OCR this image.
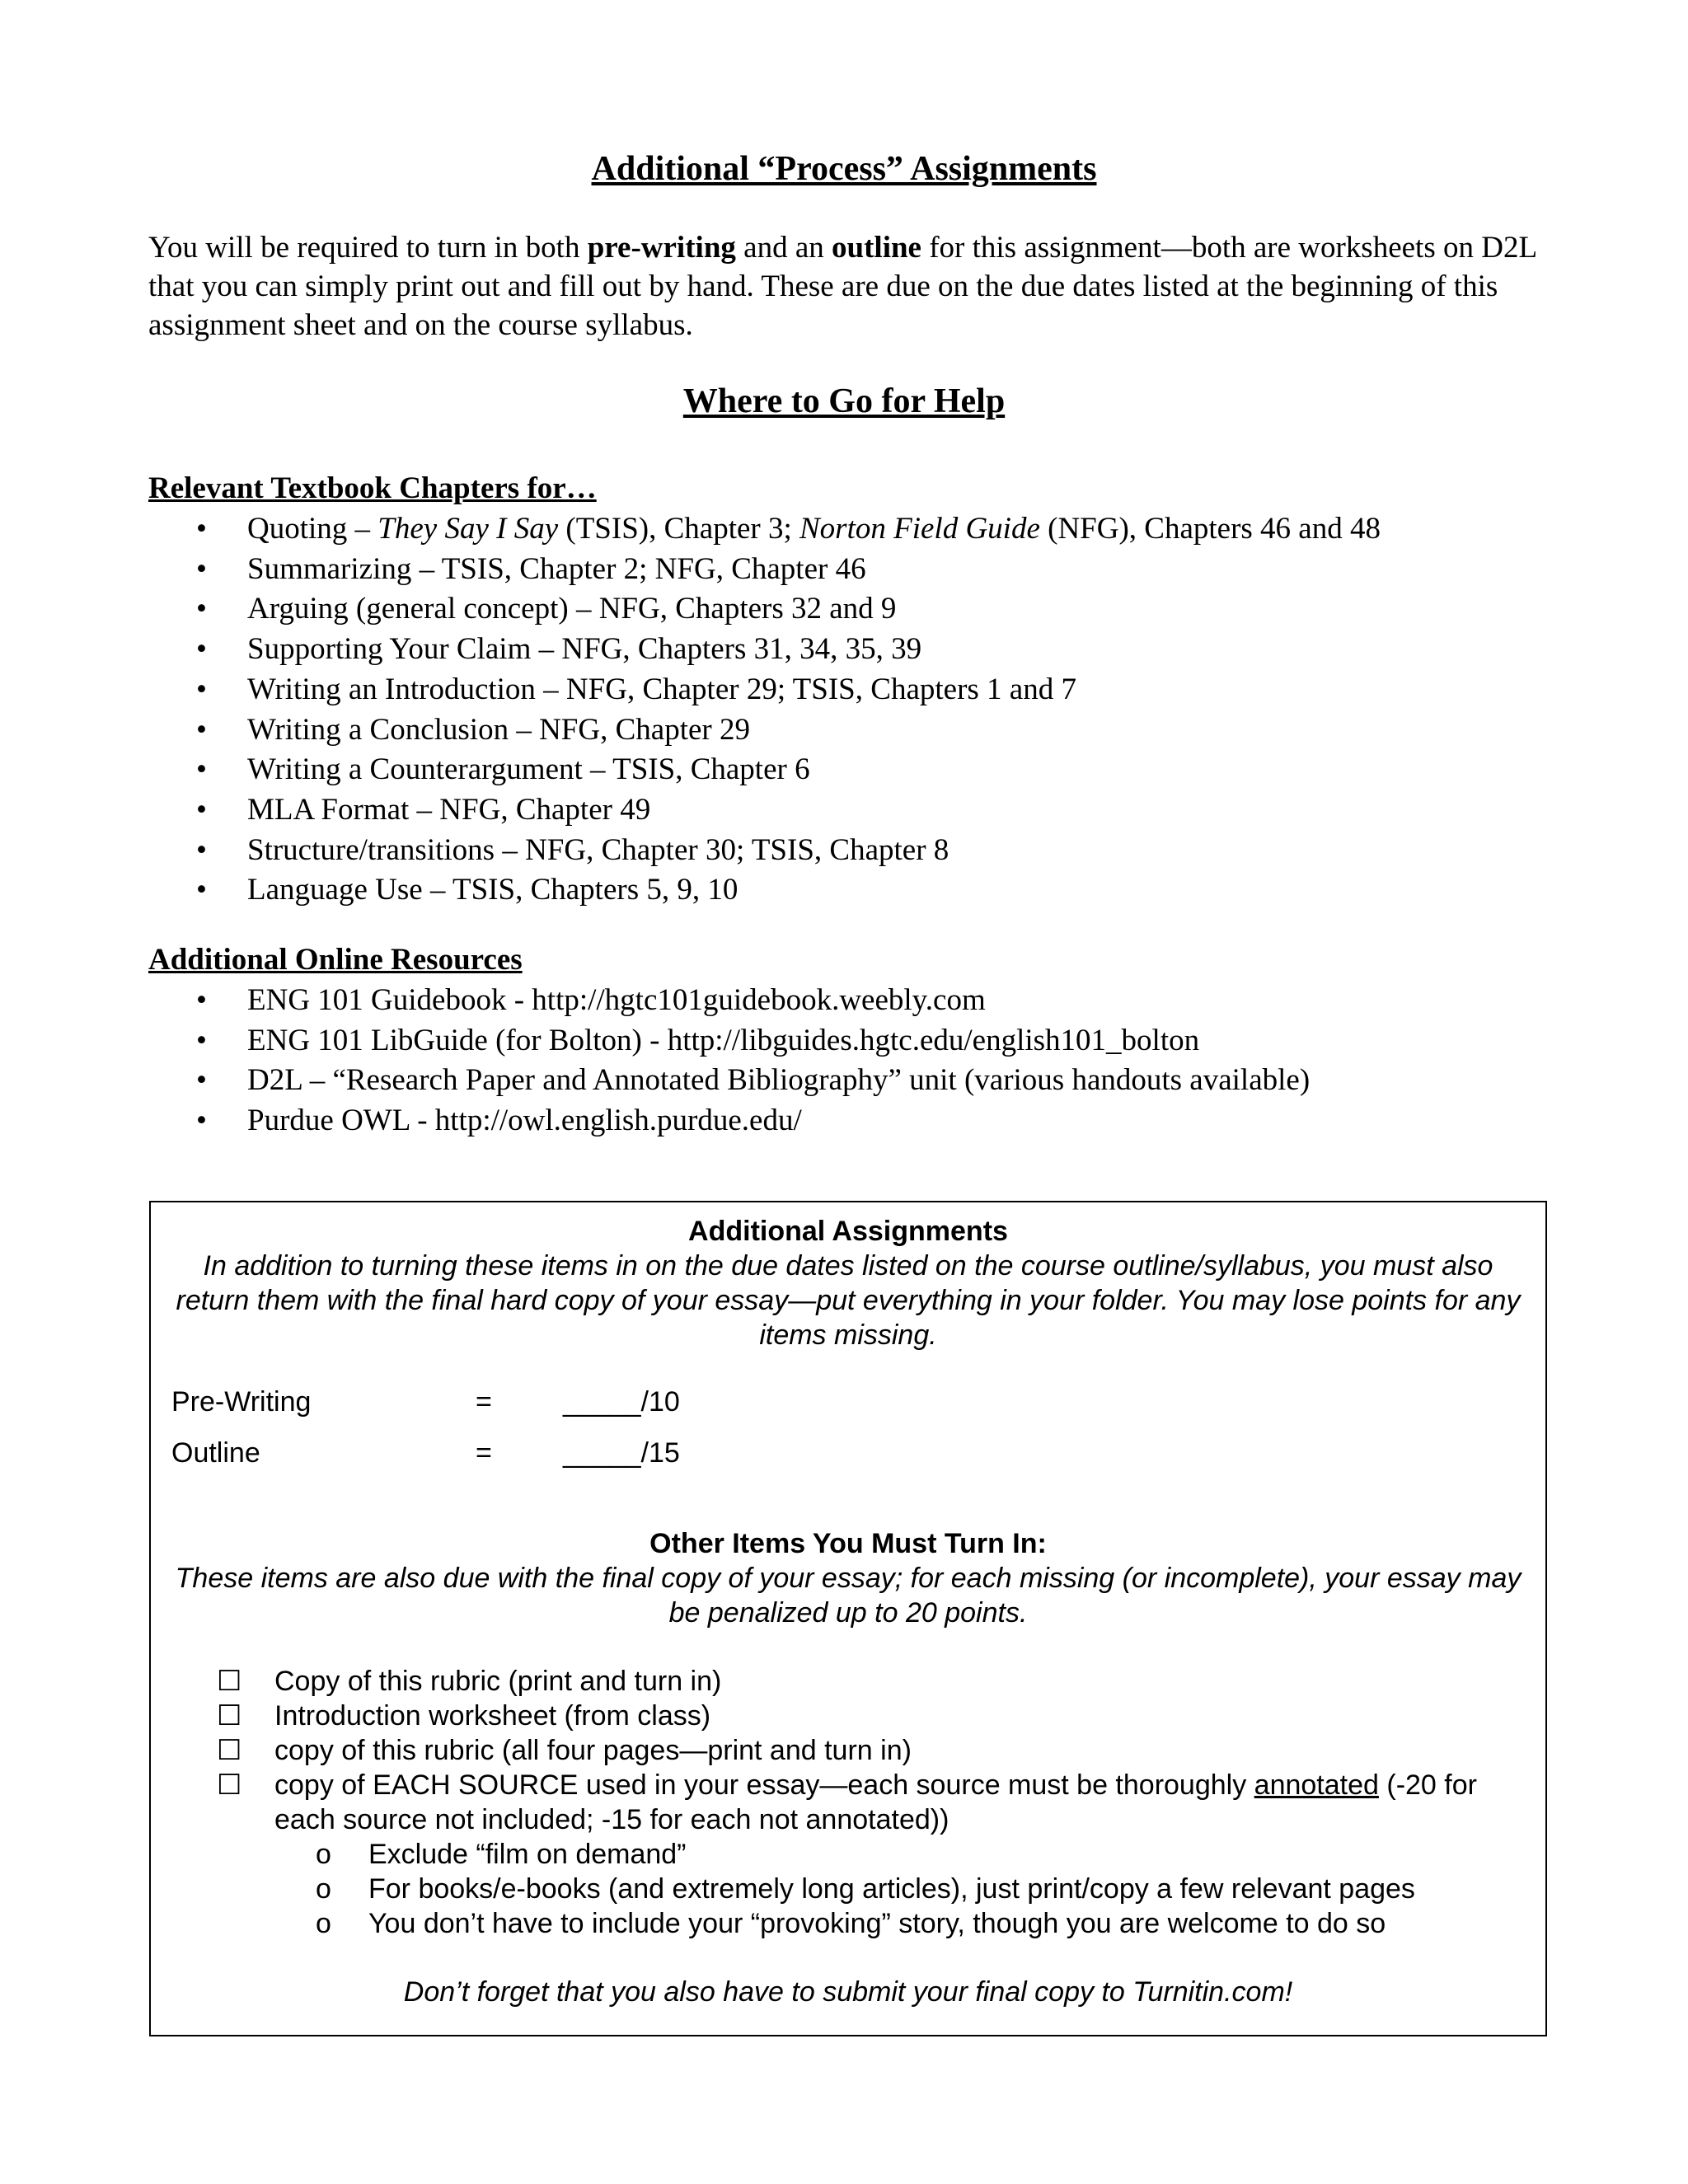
Additional “Process” Assignments
You will be required to turn in both pre-writing and an outline for this assignment—both are worksheets on D2L that you can simply print out and fill out by hand. These are due on the due dates listed at the beginning of this assignment sheet and on the course syllabus.
Where to Go for Help
Relevant Textbook Chapters for…
• Quoting – They Say I Say (TSIS), Chapter 3; Norton Field Guide (NFG), Chapters 46 and 48
• Summarizing – TSIS, Chapter 2; NFG, Chapter 46
• Arguing (general concept) – NFG, Chapters 32 and 9
• Supporting Your Claim – NFG, Chapters 31, 34, 35, 39
• Writing an Introduction – NFG, Chapter 29; TSIS, Chapters 1 and 7
• Writing a Conclusion – NFG, Chapter 29
• Writing a Counterargument – TSIS, Chapter 6
• MLA Format – NFG, Chapter 49
• Structure/transitions – NFG, Chapter 30; TSIS, Chapter 8
• Language Use – TSIS, Chapters 5, 9, 10
Additional Online Resources
• ENG 101 Guidebook - http://hgtc101guidebook.weebly.com
• ENG 101 LibGuide (for Bolton) - http://libguides.hgtc.edu/english101_bolton
• D2L – “Research Paper and Annotated Bibliography” unit (various handouts available)
• Purdue OWL - http://owl.english.purdue.edu/
Additional Assignments
In addition to turning these items in on the due dates listed on the course outline/syllabus, you must also return them with the final hard copy of your essay—put everything in your folder. You may lose points for any items missing.
Pre-Writing	=	_____/10
Outline	=	_____/15
Other Items You Must Turn In:
These items are also due with the final copy of your essay; for each missing (or incomplete), your essay may be penalized up to 20 points.
☐ Copy of this rubric (print and turn in)
☐ Introduction worksheet (from class)
☐ copy of this rubric (all four pages—print and turn in)
☐ copy of EACH SOURCE used in your essay—each source must be thoroughly annotated (-20 for each source not included; -15 for each not annotated))
o Exclude “film on demand”
o For books/e-books (and extremely long articles), just print/copy a few relevant pages
o You don’t have to include your “provoking” story, though you are welcome to do so
Don’t forget that you also have to submit your final copy to Turnitin.com!
